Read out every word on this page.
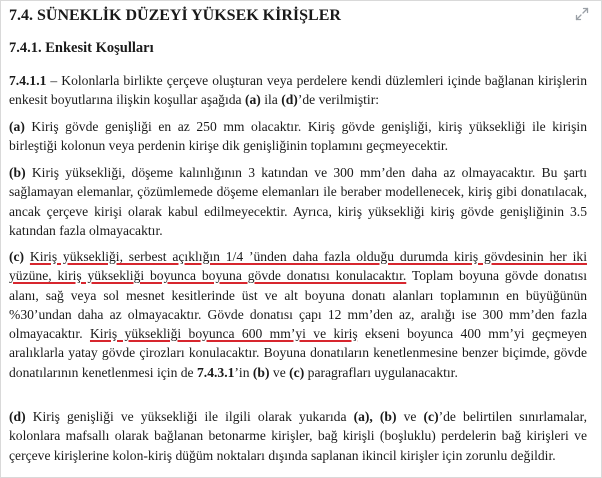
7.4. SÜNEKLİK DÜZEYİ YÜKSEK KİRİŞLER
7.4.1. Enkesit Koşulları
7.4.1.1 – Kolonlarla birlikte çerçeve oluşturan veya perdelere kendi düzlemleri içinde bağlanan kirişlerin enkesit boyutlarına ilişkin koşullar aşağıda (a) ila (d)’de verilmiştir:
(a) Kiriş gövde genişliği en az 250 mm olacaktır. Kiriş gövde genişliği, kiriş yüksekliği ile kirişin birleştiği kolonun veya perdenin kirişe dik genişliğinin toplamını geçmeyecektir.
(b) Kiriş yüksekliği, döşeme kalınlığının 3 katından ve 300 mm’den daha az olmayacaktır. Bu şartı sağlamayan elemanlar, çözümlemede döşeme elemanları ile beraber modellenecek, kiriş gibi donatılacak, ancak çerçeve kirişi olarak kabul edilmeyecektir. Ayrıca, kiriş yüksekliği kiriş gövde genişliğinin 3.5 katından fazla olmayacaktır.
(c) Kiriş yüksekliği, serbest açıklığın 1/4 ’ünden daha fazla olduğu durumda kiriş gövdesinin her iki yüzüne, kiriş yüksekliği boyunca boyuna gövde donatısı konulacaktır. Toplam boyuna gövde donatısı alanı, sağ veya sol mesnet kesitlerinde üst ve alt boyuna donatı alanları toplamının en büyüğünün %30’undan daha az olmayacaktır. Gövde donatısı çapı 12 mm’den az, aralığı ise 300 mm’den fazla olmayacaktır. Kiriş yüksekliği boyunca 600 mm’yi ve kiriş ekseni boyunca 400 mm’yi geçmeyen aralıklarla yatay gövde çirozları konulacaktır. Boyuna donatıların kenetlenmesine benzer biçimde, gövde donatılarının kenetlenmesi için de 7.4.3.1’in (b) ve (c) paragrafları uygulanacaktır.
(d) Kiriş genişliği ve yüksekliği ile ilgili olarak yukarıda (a), (b) ve (c)’de belirtilen sınırlamalar, kolonlara mafsallı olarak bağlanan betonarme kirişler, bağ kirişli (boşluklu) perdelerin bağ kirişleri ve çerçeve kirişlerine kolon-kiriş düğüm noktaları dışında saplanan ikincil kirişler için zorunlu değildir.
